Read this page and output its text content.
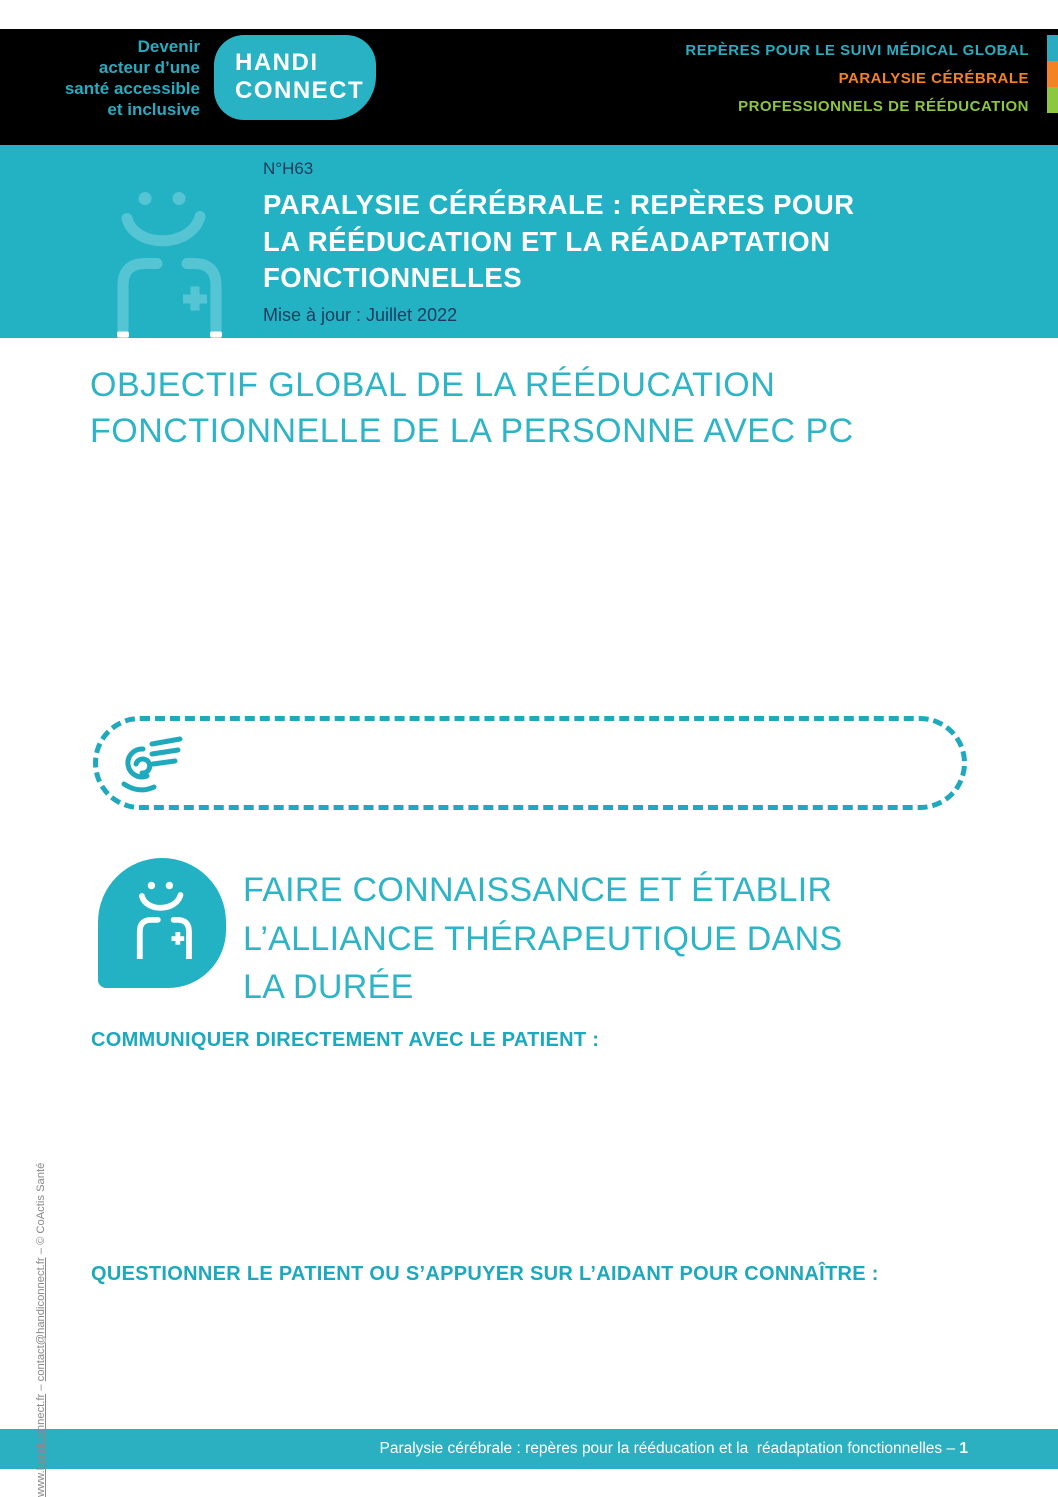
Devenir
acteur d’une
santé accessible
et inclusive
HANDI
CONNECT
REPÈRES POUR LE SUIVI MÉDICAL GLOBAL
PARALYSIE CÉRÉBRALE
PROFESSIONNELS DE RÉÉDUCATION
N°H63
PARALYSIE CÉRÉBRALE : REPÈRES POUR
LA RÉÉDUCATION ET LA RÉADAPTATION
FONCTIONNELLES
Mise à jour : Juillet 2022
OBJECTIF GLOBAL DE LA RÉÉDUCATION
FONCTIONNELLE DE LA PERSONNE AVEC PC
FAIRE CONNAISSANCE ET ÉTABLIR
L’ALLIANCE THÉRAPEUTIQUE DANS
LA DURÉE
COMMUNIQUER DIRECTEMENT AVEC LE PATIENT :
QUESTIONNER LE PATIENT OU S’APPUYER SUR L’AIDANT POUR CONNAÎTRE :
Paralysie cérébrale : repères pour la rééducation et la  réadaptation fonctionnelles – 1
www.handiconnect.fr – contact@handiconnect.fr – © CoActis Santé
